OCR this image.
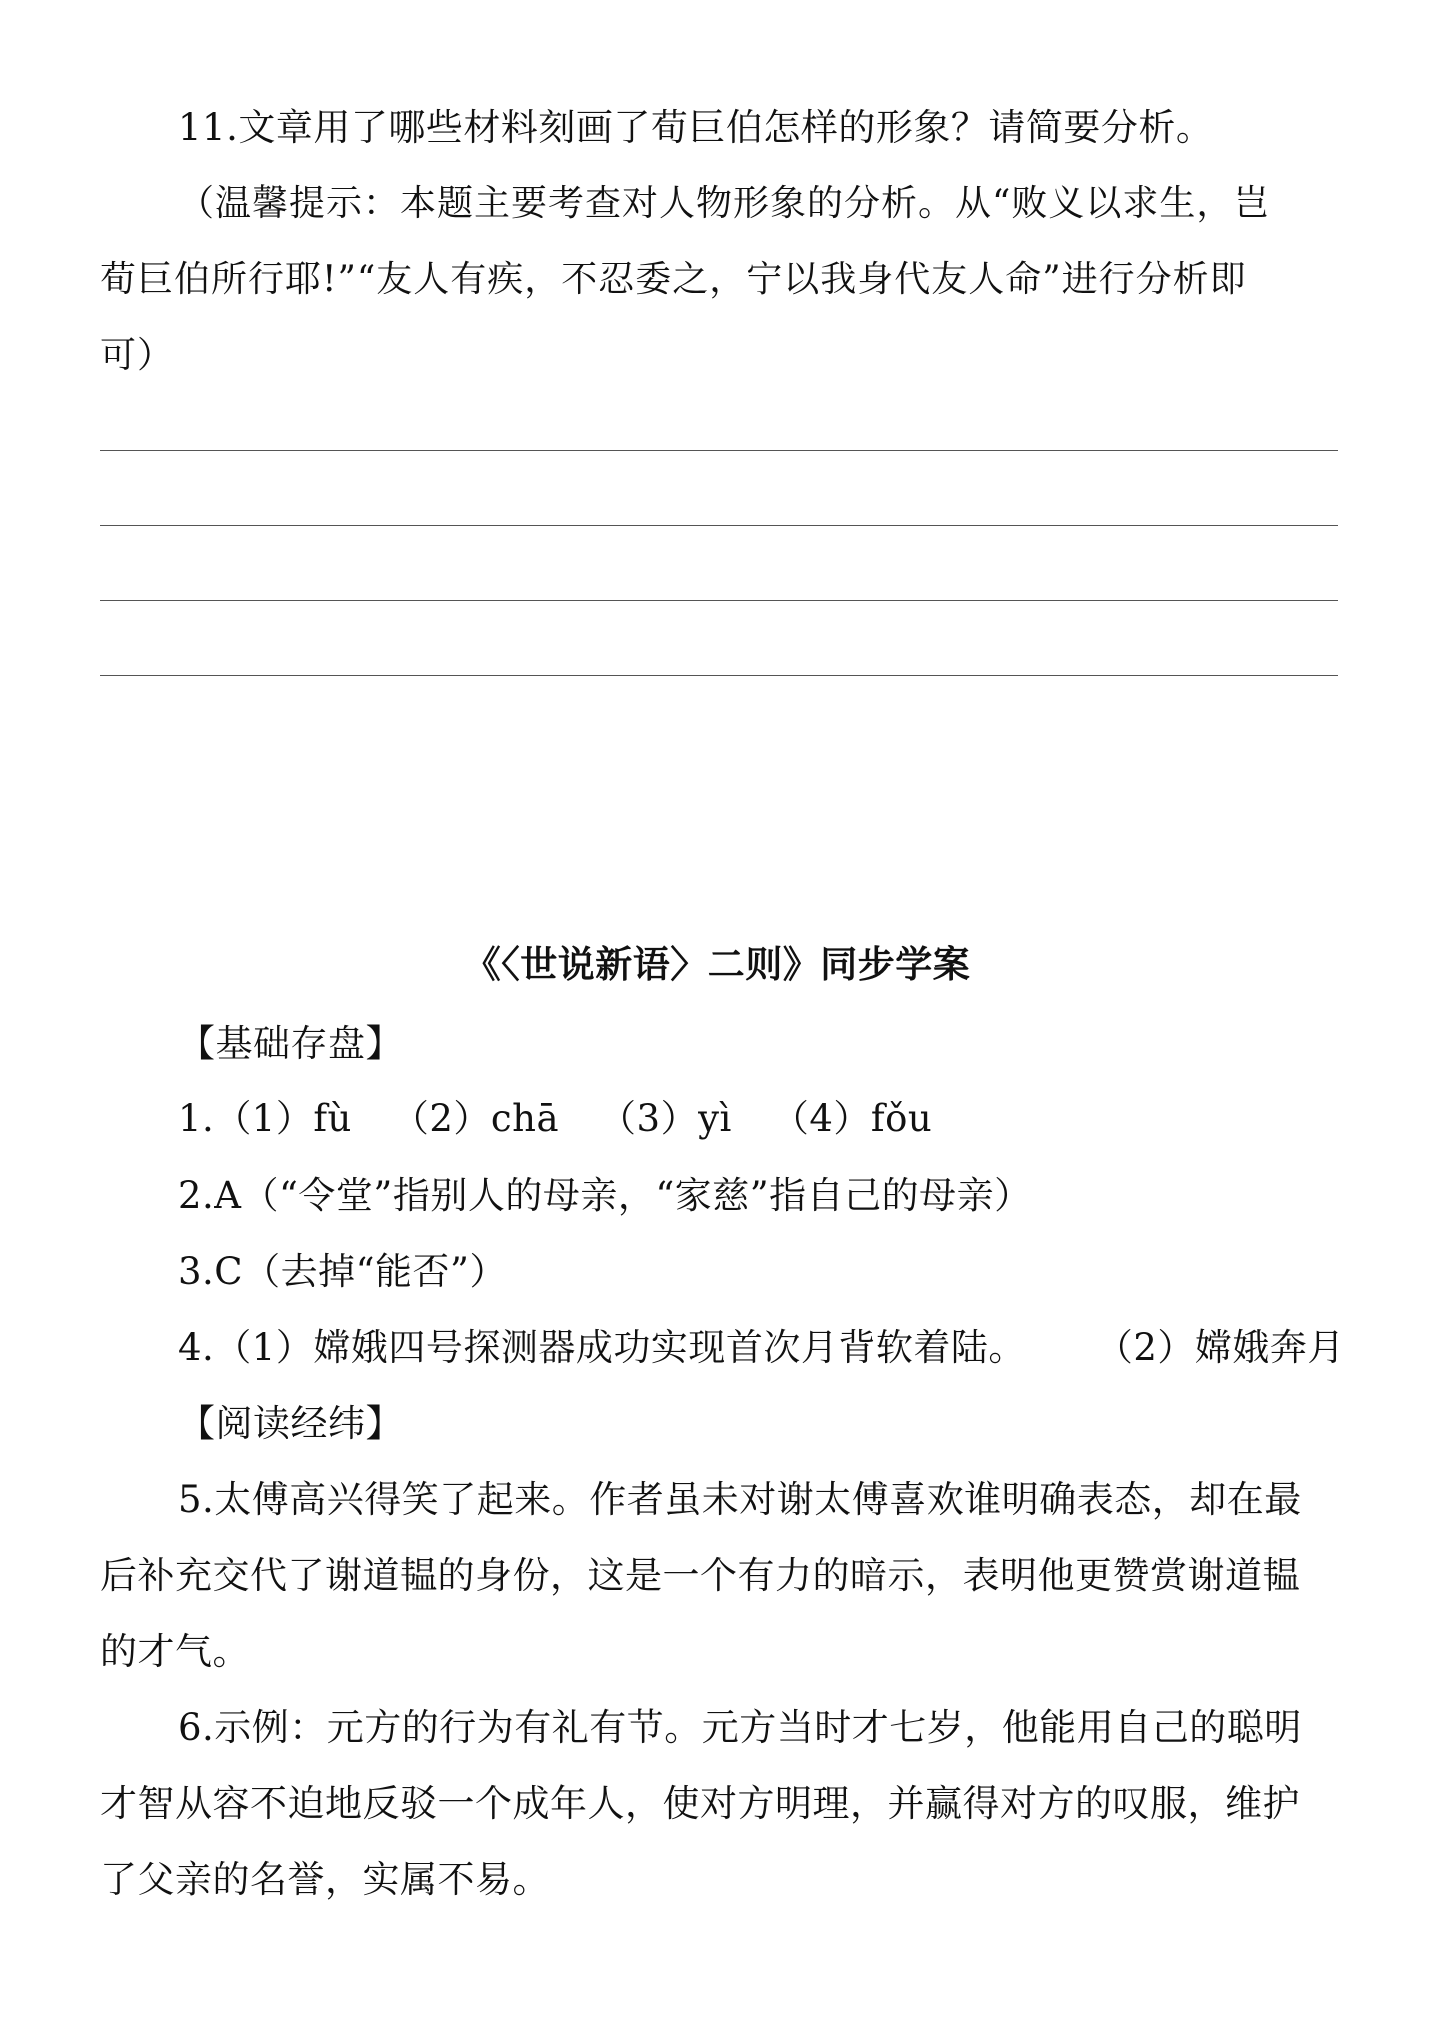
11.文章用了哪些材料刻画了荀巨伯怎样的形象？请简要分析。

（温馨提示：本题主要考查对人物形象的分析。从“败义以求生，岂

荀巨伯所行耶!”“友人有疾，不忍委之，宁以我身代友人命”进行分析即

可）

《〈世说新语〉二则》同步学案

【基础存盘】

1.（1）fù （2）chā （3）yì （4）fǒu

2.A（“令堂”指别人的母亲，“家慈”指自己的母亲）

3.C（去掉“能否”）

4.（1）嫦娥四号探测器成功实现首次月背软着陆。 （2）嫦娥奔月

【阅读经纬】

5.太傅高兴得笑了起来。作者虽未对谢太傅喜欢谁明确表态，却在最

后补充交代了谢道韫的身份，这是一个有力的暗示，表明他更赞赏谢道韫

的才气。

6.示例：元方的行为有礼有节。元方当时才七岁，他能用自己的聪明

才智从容不迫地反驳一个成年人，使对方明理，并赢得对方的叹服，维护

了父亲的名誉，实属不易。
